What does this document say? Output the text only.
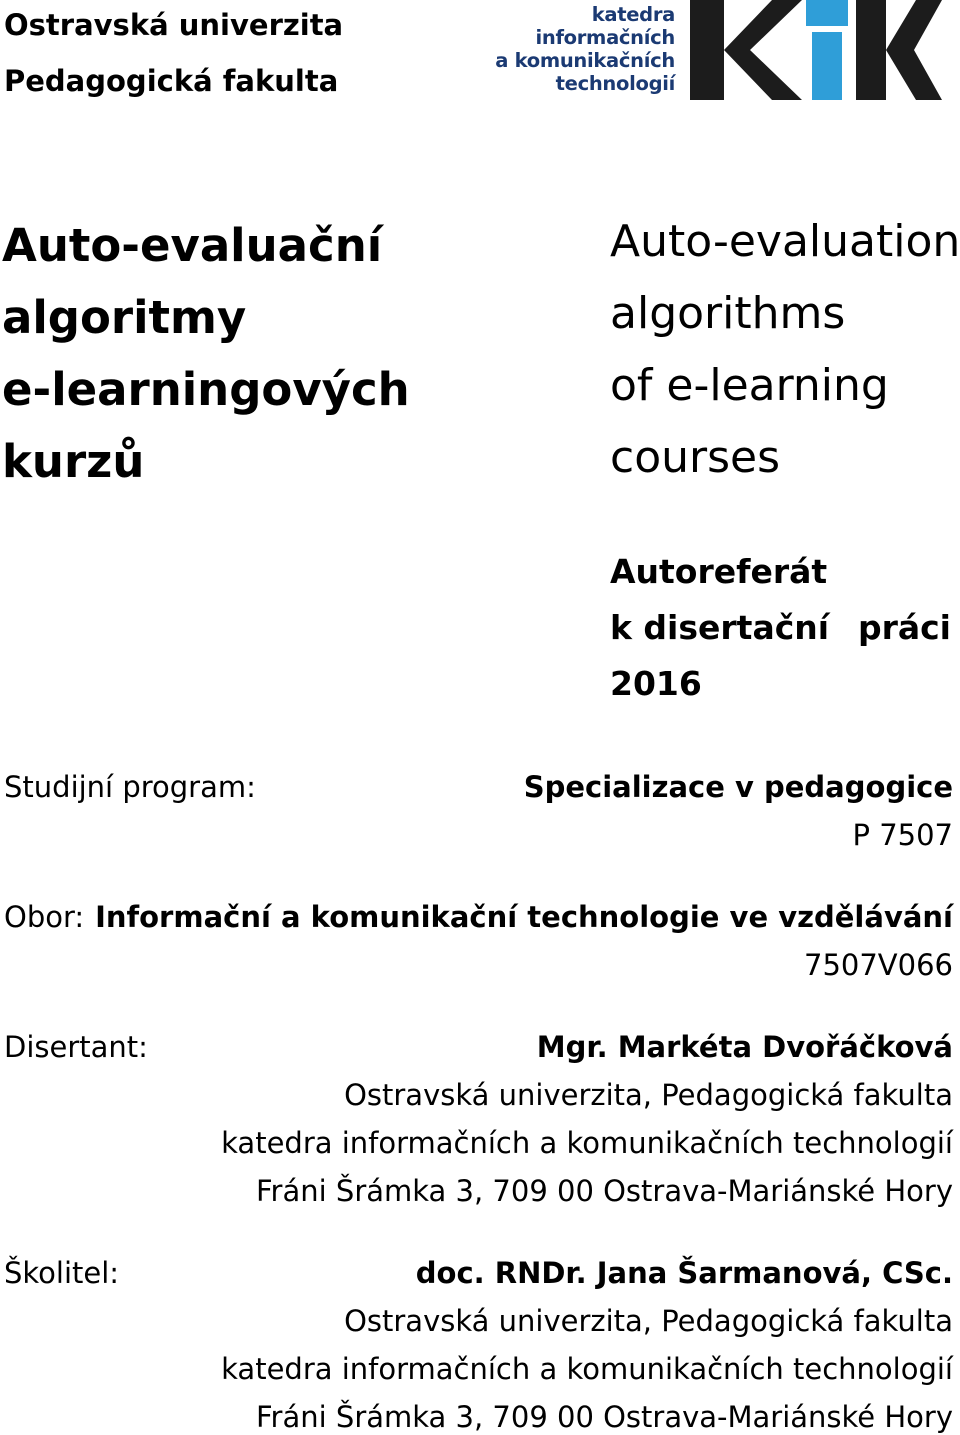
Ostravská univerzita

Pedagogická fakulta

katedra
informačních
a komunikačních
technologií

Auto-evaluační

algoritmy

e-learningových

kurzů

Auto-evaluation

algorithms

of e-learning

courses

Autoreferát

k disertační práci

2016

Studijní program:	Specializace v pedagogice

P 7507

Obor: Informační a komunikační technologie ve vzdělávání

7507V066

Disertant:	Mgr. Markéta Dvořáčková

Ostravská univerzita, Pedagogická fakulta

katedra informačních a komunikačních technologií

Fráni Šrámka 3, 709 00 Ostrava-Mariánské Hory

Školitel:	doc. RNDr. Jana Šarmanová, CSc.

Ostravská univerzita, Pedagogická fakulta

katedra informačních a komunikačních technologií

Fráni Šrámka 3, 709 00 Ostrava-Mariánské Hory
